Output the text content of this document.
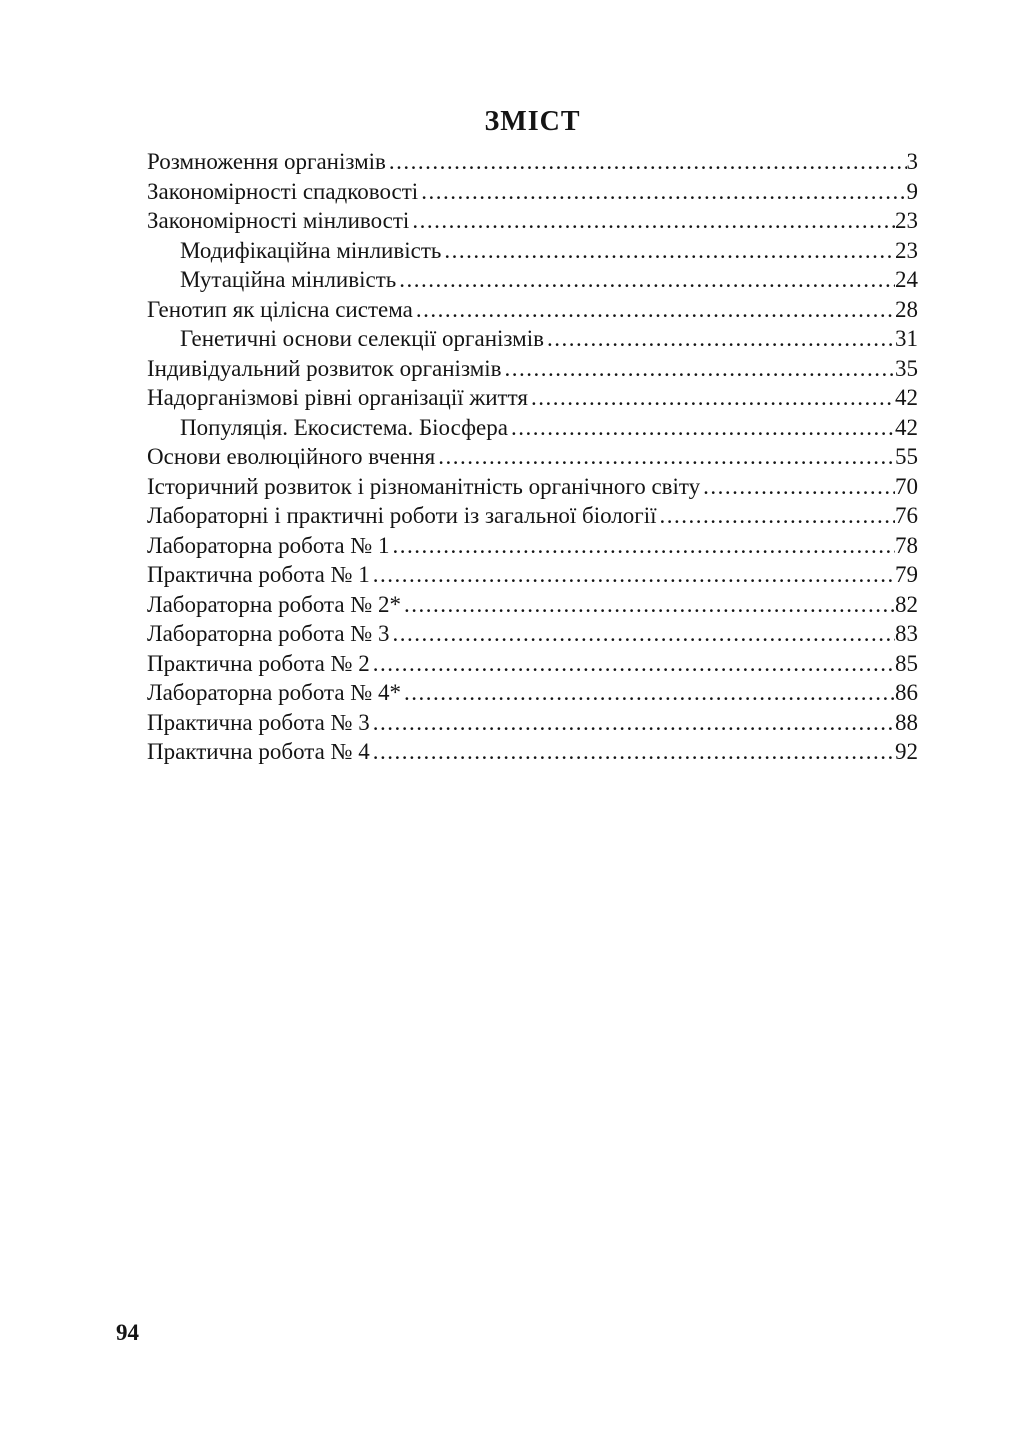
ЗМІСТ
Розмноження організмів .....	3
Закономірності спадковості .....	9
Закономірності мінливості .....	23
Модифікаційна мінливість .....	23
Мутаційна мінливість .....	24
Генотип як цілісна система .....	28
Генетичні основи селекції організмів .....	31
Індивідуальний розвиток організмів .....	35
Надорганізмові рівні організації життя .....	42
Популяція. Екосистема. Біосфера .....	42
Основи еволюційного вчення .....	55
Історичний розвиток і різноманітність органічного світу .....	70
Лабораторні і практичні роботи із загальної біології .....	76
Лабораторна робота № 1 .....	78
Практична робота № 1 .....	79
Лабораторна робота № 2* .....	82
Лабораторна робота № 3 .....	83
Практична робота № 2 .....	85
Лабораторна робота № 4* .....	86
Практична робота № 3 .....	88
Практична робота № 4 .....	92
94
